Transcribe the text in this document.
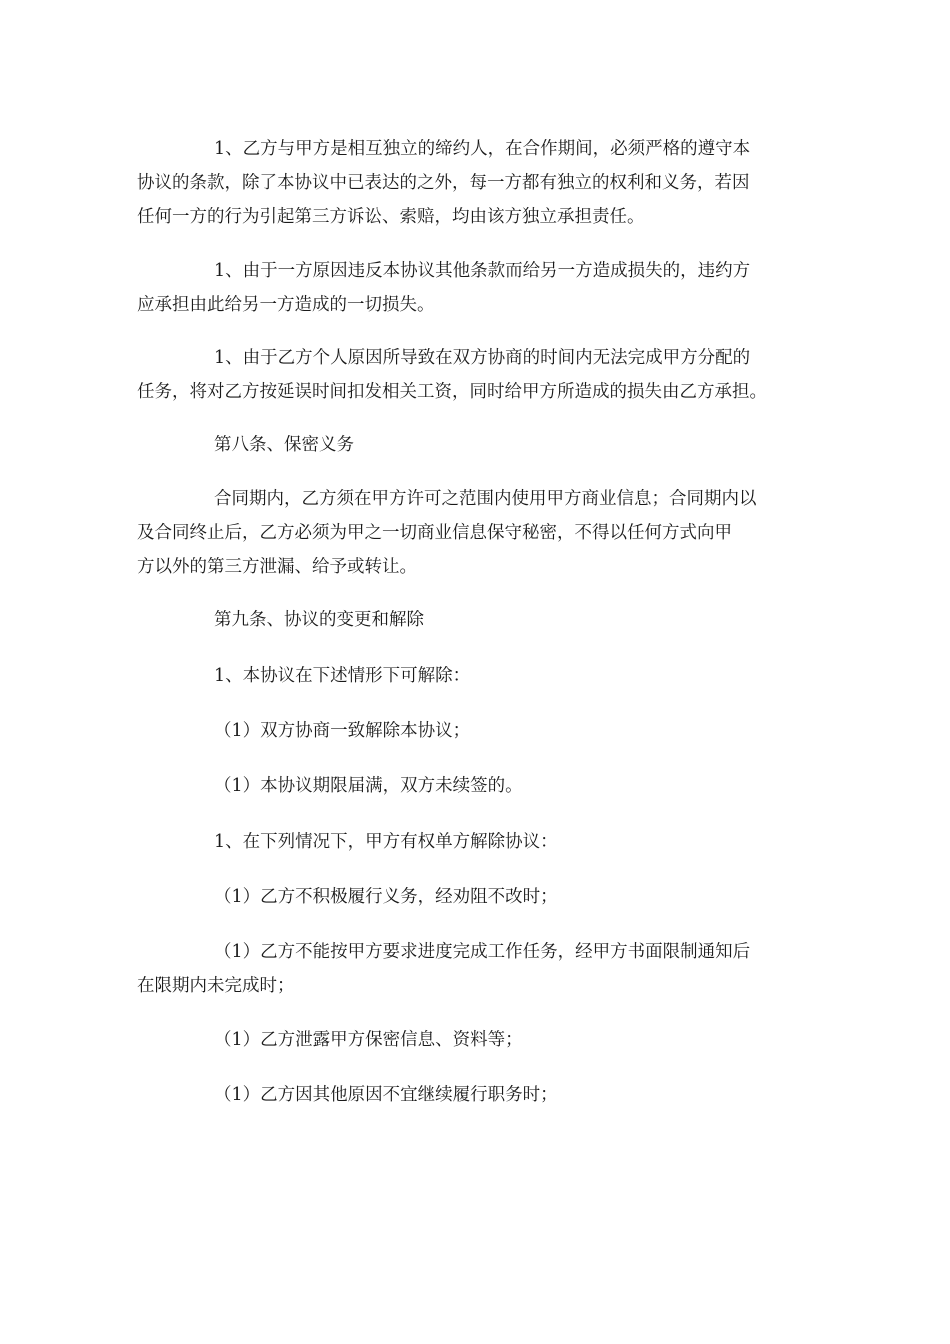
1、乙方与甲方是相互独立的缔约人，在合作期间，必须严格的遵守本
协议的条款，除了本协议中已表达的之外，每一方都有独立的权利和义务，若因
任何一方的行为引起第三方诉讼、索赔，均由该方独立承担责任。
1、由于一方原因违反本协议其他条款而给另一方造成损失的，违约方
应承担由此给另一方造成的一切损失。
1、由于乙方个人原因所导致在双方协商的时间内无法完成甲方分配的
任务，将对乙方按延误时间扣发相关工资，同时给甲方所造成的损失由乙方承担。
第八条、保密义务
合同期内，乙方须在甲方许可之范围内使用甲方商业信息；合同期内以
及合同终止后，乙方必须为甲之一切商业信息保守秘密，不得以任何方式向甲
方以外的第三方泄漏、给予或转让。
第九条、协议的变更和解除
1、本协议在下述情形下可解除：
（1）双方协商一致解除本协议；
（1）本协议期限届满，双方未续签的。
1、在下列情况下，甲方有权单方解除协议：
（1）乙方不积极履行义务，经劝阻不改时；
（1）乙方不能按甲方要求进度完成工作任务，经甲方书面限制通知后
在限期内未完成时；
（1）乙方泄露甲方保密信息、资料等；
（1）乙方因其他原因不宜继续履行职务时；
